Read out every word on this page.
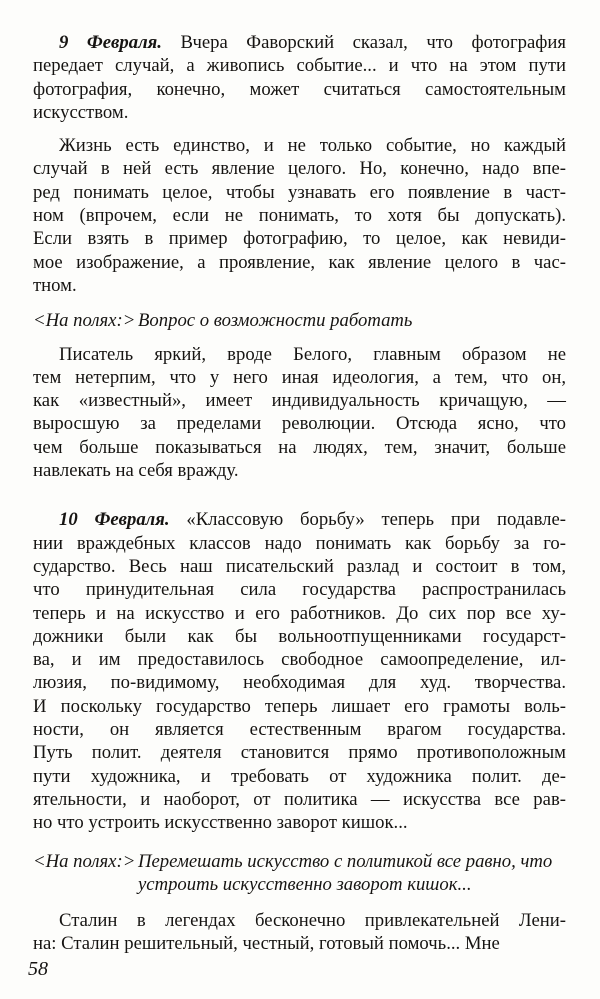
9 Февраля. Вчера Фаворский сказал, что фотография
передает случай, а живопись событие... и что на этом пути
фотография, конечно, может считаться самостоятельным
искусством.
Жизнь есть единство, и не только событие, но каждый
случай в ней есть явление целого. Но, конечно, надо впе-
ред понимать целое, чтобы узнавать его появление в част-
ном (впрочем, если не понимать, то хотя бы допускать).
Если взять в пример фотографию, то целое, как невиди-
мое изображение, а проявление, как явление целого в час-
тном.
<На полях:> Вопрос о возможности работать
Писатель яркий, вроде Белого, главным образом не
тем нетерпим, что у него иная идеология, а тем, что он,
как «известный», имеет индивидуальность кричащую, —
выросшую за пределами революции. Отсюда ясно, что
чем больше показываться на людях, тем, значит, больше
навлекать на себя вражду.
10 Февраля. «Классовую борьбу» теперь при подавле-
нии враждебных классов надо понимать как борьбу за го-
сударство. Весь наш писательский разлад и состоит в том,
что принудительная сила государства распространилась
теперь и на искусство и его работников. До сих пор все ху-
дожники были как бы вольноотпущенниками государст-
ва, и им предоставилось свободное самоопределение, ил-
люзия, по-видимому, необходимая для худ. творчества.
И поскольку государство теперь лишает его грамоты воль-
ности, он является естественным врагом государства.
Путь полит. деятеля становится прямо противоположным
пути художника, и требовать от художника полит. де-
ятельности, и наоборот, от политика — искусства все рав-
но что устроить искусственно заворот кишок...
<На полях:> Перемешать искусство с политикой все равно, что
устроить искусственно заворот кишок...
Сталин в легендах бесконечно привлекательней Лени-
на: Сталин решительный, честный, готовый помочь... Мне
58
